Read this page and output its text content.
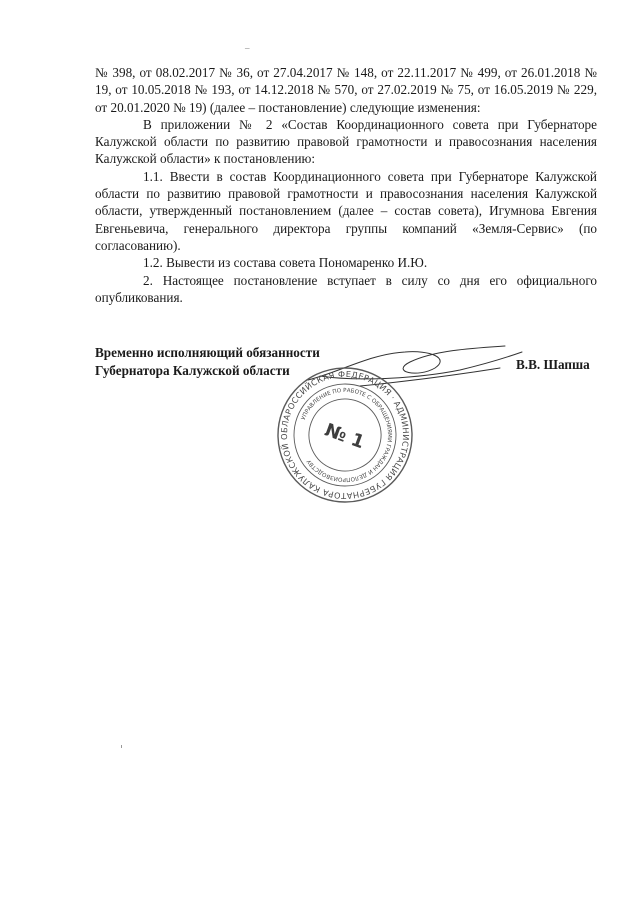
_

№ 398, от 08.02.2017 № 36, от 27.04.2017 № 148, от 22.11.2017 № 499, от 26.01.2018 № 19, от 10.05.2018 № 193, от 14.12.2018 № 570, от 27.02.2019 № 75, от 16.05.2019 № 229, от 20.01.2020 № 19) (далее – постановление) следующие изменения:

В приложении № 2 «Состав Координационного совета при Губернаторе Калужской области по развитию правовой грамотности и правосознания населения Калужской области» к постановлению:

1.1. Ввести в состав Координационного совета при Губернаторе Калужской области по развитию правовой грамотности и правосознания населения Калужской области, утвержденный постановлением (далее – состав совета), Игумнова Евгения Евгеньевича, генерального директора группы компаний «Земля-Сервис» (по согласованию).

1.2. Вывести из состава совета Пономаренко И.Ю.

2. Настоящее постановление вступает в силу со дня его официального опубликования.

Временно исполняющий обязанности
Губернатора Калужской области	В.В. Шапша
РОССИЙСКАЯ ФЕДЕРАЦИЯ · АДМИНИСТРАЦИЯ ГУБЕРНАТОРА КАЛУЖСКОЙ ОБЛАСТИ
УПРАВЛЕНИЕ ПО РАБОТЕ С ОБРАЩЕНИЯМИ ГРАЖДАН И ДЕЛОПРОИЗВОДСТВУ
№ 1
